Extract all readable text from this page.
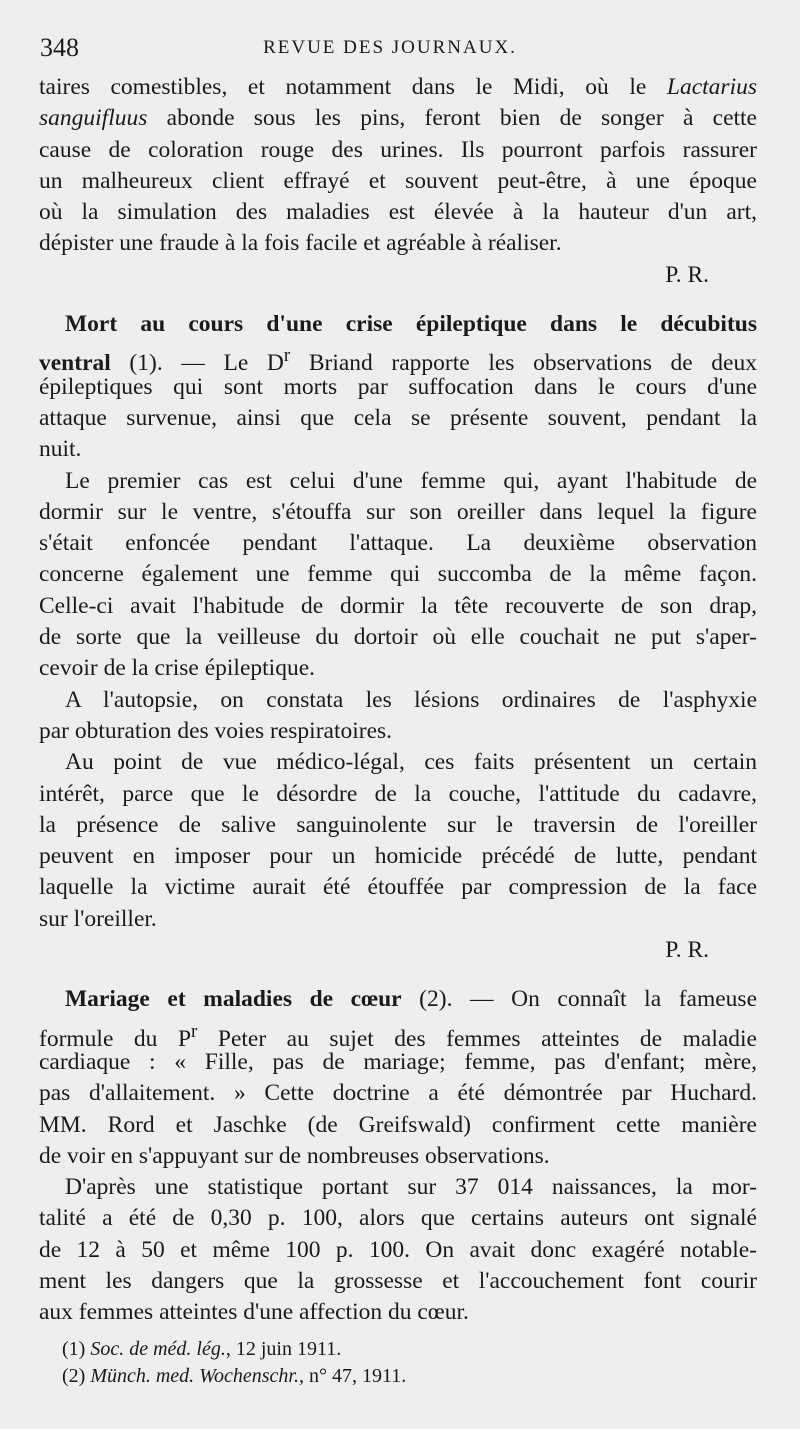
348	REVUE DES JOURNAUX.
taires comestibles, et notamment dans le Midi, où le Lactarius
sanguifluus abonde sous les pins, feront bien de songer à cette
cause de coloration rouge des urines. Ils pourront parfois rassurer
un malheureux client effrayé et souvent peut-être, à une époque
où la simulation des maladies est élevée à la hauteur d'un art,
dépister une fraude à la fois facile et agréable à réaliser.
P. R.
Mort au cours d'une crise épileptique dans le décubitus
ventral (1). — Le $D^r$ Briand rapporte les observations de deux
épileptiques qui sont morts par suffocation dans le cours d'une
attaque survenue, ainsi que cela se présente souvent, pendant la
nuit.
Le premier cas est celui d'une femme qui, ayant l'habitude de
dormir sur le ventre, s'étouffa sur son oreiller dans lequel la figure
s'était enfoncée pendant l'attaque. La deuxième observation
concerne également une femme qui succomba de la même façon.
Celle-ci avait l'habitude de dormir la tête recouverte de son drap,
de sorte que la veilleuse du dortoir où elle couchait ne put s'aper-
cevoir de la crise épileptique.
A l'autopsie, on constata les lésions ordinaires de l'asphyxie
par obturation des voies respiratoires.
Au point de vue médico-légal, ces faits présentent un certain
intérêt, parce que le désordre de la couche, l'attitude du cadavre,
la présence de salive sanguinolente sur le traversin de l'oreiller
peuvent en imposer pour un homicide précédé de lutte, pendant
laquelle la victime aurait été étouffée par compression de la face
sur l'oreiller.
P. R.
Mariage et maladies de cœur (2). — On connaît la fameuse
formule du $P^r$ Peter au sujet des femmes atteintes de maladie
cardiaque : « Fille, pas de mariage; femme, pas d'enfant; mère,
pas d'allaitement. » Cette doctrine a été démontrée par Huchard.
MM. Rord et Jaschke (de Greifswald) confirment cette manière
de voir en s'appuyant sur de nombreuses observations.
D'après une statistique portant sur 37 014 naissances, la mor-
talité a été de 0,30 p. 100, alors que certains auteurs ont signalé
de 12 à 50 et même 100 p. 100. On avait donc exagéré notable-
ment les dangers que la grossesse et l'accouchement font courir
aux femmes atteintes d'une affection du cœur.
(1) Soc. de méd. lég., 12 juin 1911.
(2) Münch. med. Wochenschr., n° 47, 1911.
